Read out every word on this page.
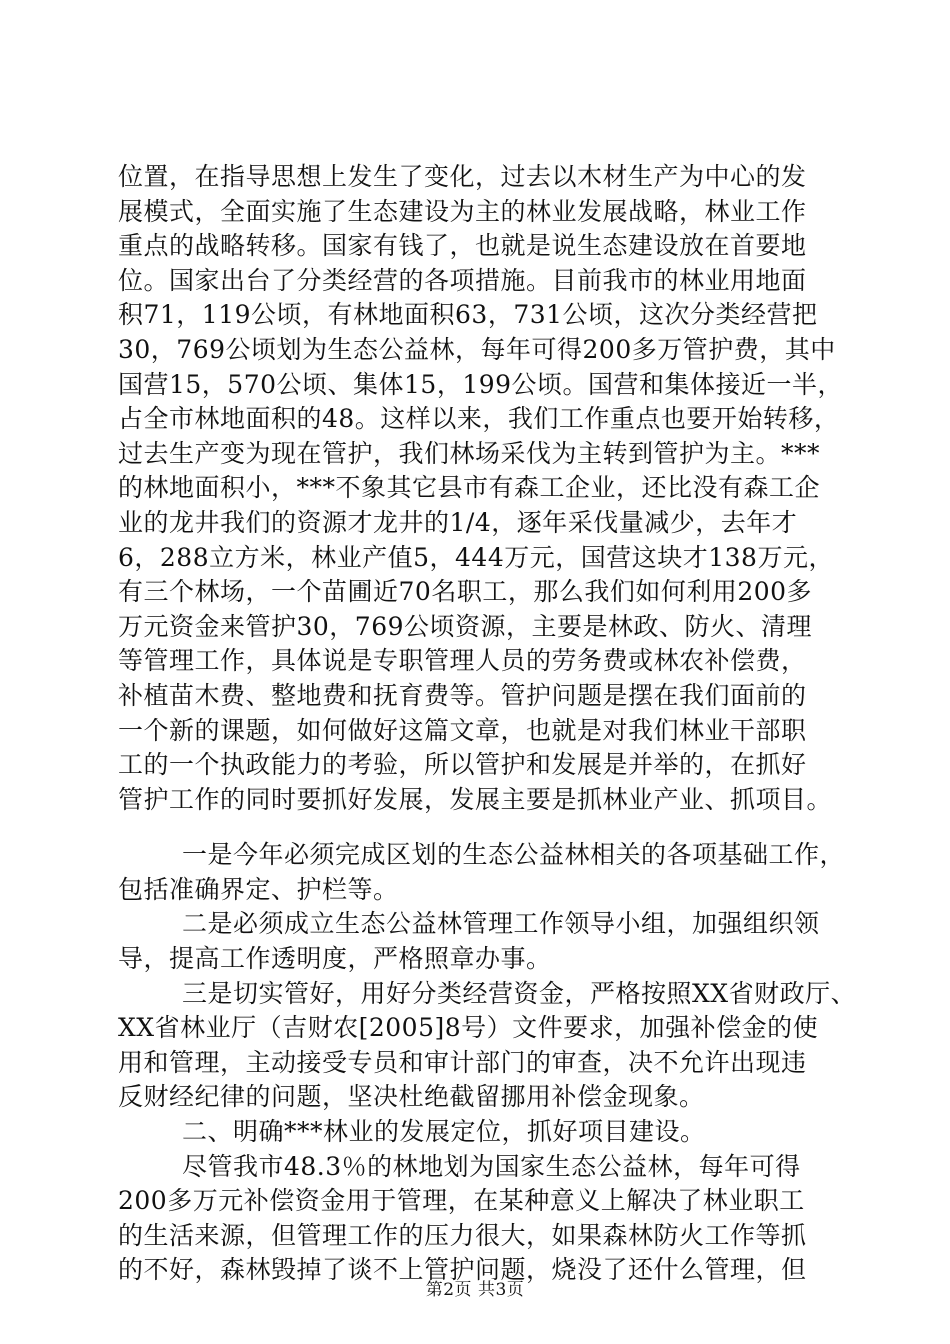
位置，在指导思想上发生了变化，过去以木材生产为中心的发
展模式，全面实施了生态建设为主的林业发展战略，林业工作
重点的战略转移。国家有钱了，也就是说生态建设放在首要地
位。国家出台了分类经营的各项措施。目前我市的林业用地面
积71，119公顷，有林地面积63，731公顷，这次分类经营把
30，769公顷划为生态公益林，每年可得200多万管护费，其中
国营15，570公顷、集体15，199公顷。国营和集体接近一半，
占全市林地面积的48。这样以来，我们工作重点也要开始转移，
过去生产变为现在管护，我们林场采伐为主转到管护为主。***
的林地面积小，***不象其它县市有森工企业，还比没有森工企
业的龙井我们的资源才龙井的1/4，逐年采伐量减少，去年才
6，288立方米，林业产值5，444万元，国营这块才138万元，
有三个林场，一个苗圃近70名职工，那么我们如何利用200多
万元资金来管护30，769公顷资源，主要是林政、防火、清理
等管理工作，具体说是专职管理人员的劳务费或林农补偿费，
补植苗木费、整地费和抚育费等。管护问题是摆在我们面前的
一个新的课题，如何做好这篇文章，也就是对我们林业干部职
工的一个执政能力的考验，所以管护和发展是并举的，在抓好
管护工作的同时要抓好发展，发展主要是抓林业产业、抓项目。
一是今年必须完成区划的生态公益林相关的各项基础工作，
包括准确界定、护栏等。
二是必须成立生态公益林管理工作领导小组，加强组织领
导，提高工作透明度，严格照章办事。
三是切实管好，用好分类经营资金，严格按照XX省财政厅、
XX省林业厅（吉财农[2005]8号）文件要求，加强补偿金的使
用和管理，主动接受专员和审计部门的审查，决不允许出现违
反财经纪律的问题，坚决杜绝截留挪用补偿金现象。
二、明确***林业的发展定位，抓好项目建设。
尽管我市48.3％的林地划为国家生态公益林，每年可得
200多万元补偿资金用于管理，在某种意义上解决了林业职工
的生活来源，但管理工作的压力很大，如果森林防火工作等抓
的不好，森林毁掉了谈不上管护问题，烧没了还什么管理，但
第2页 共3页
